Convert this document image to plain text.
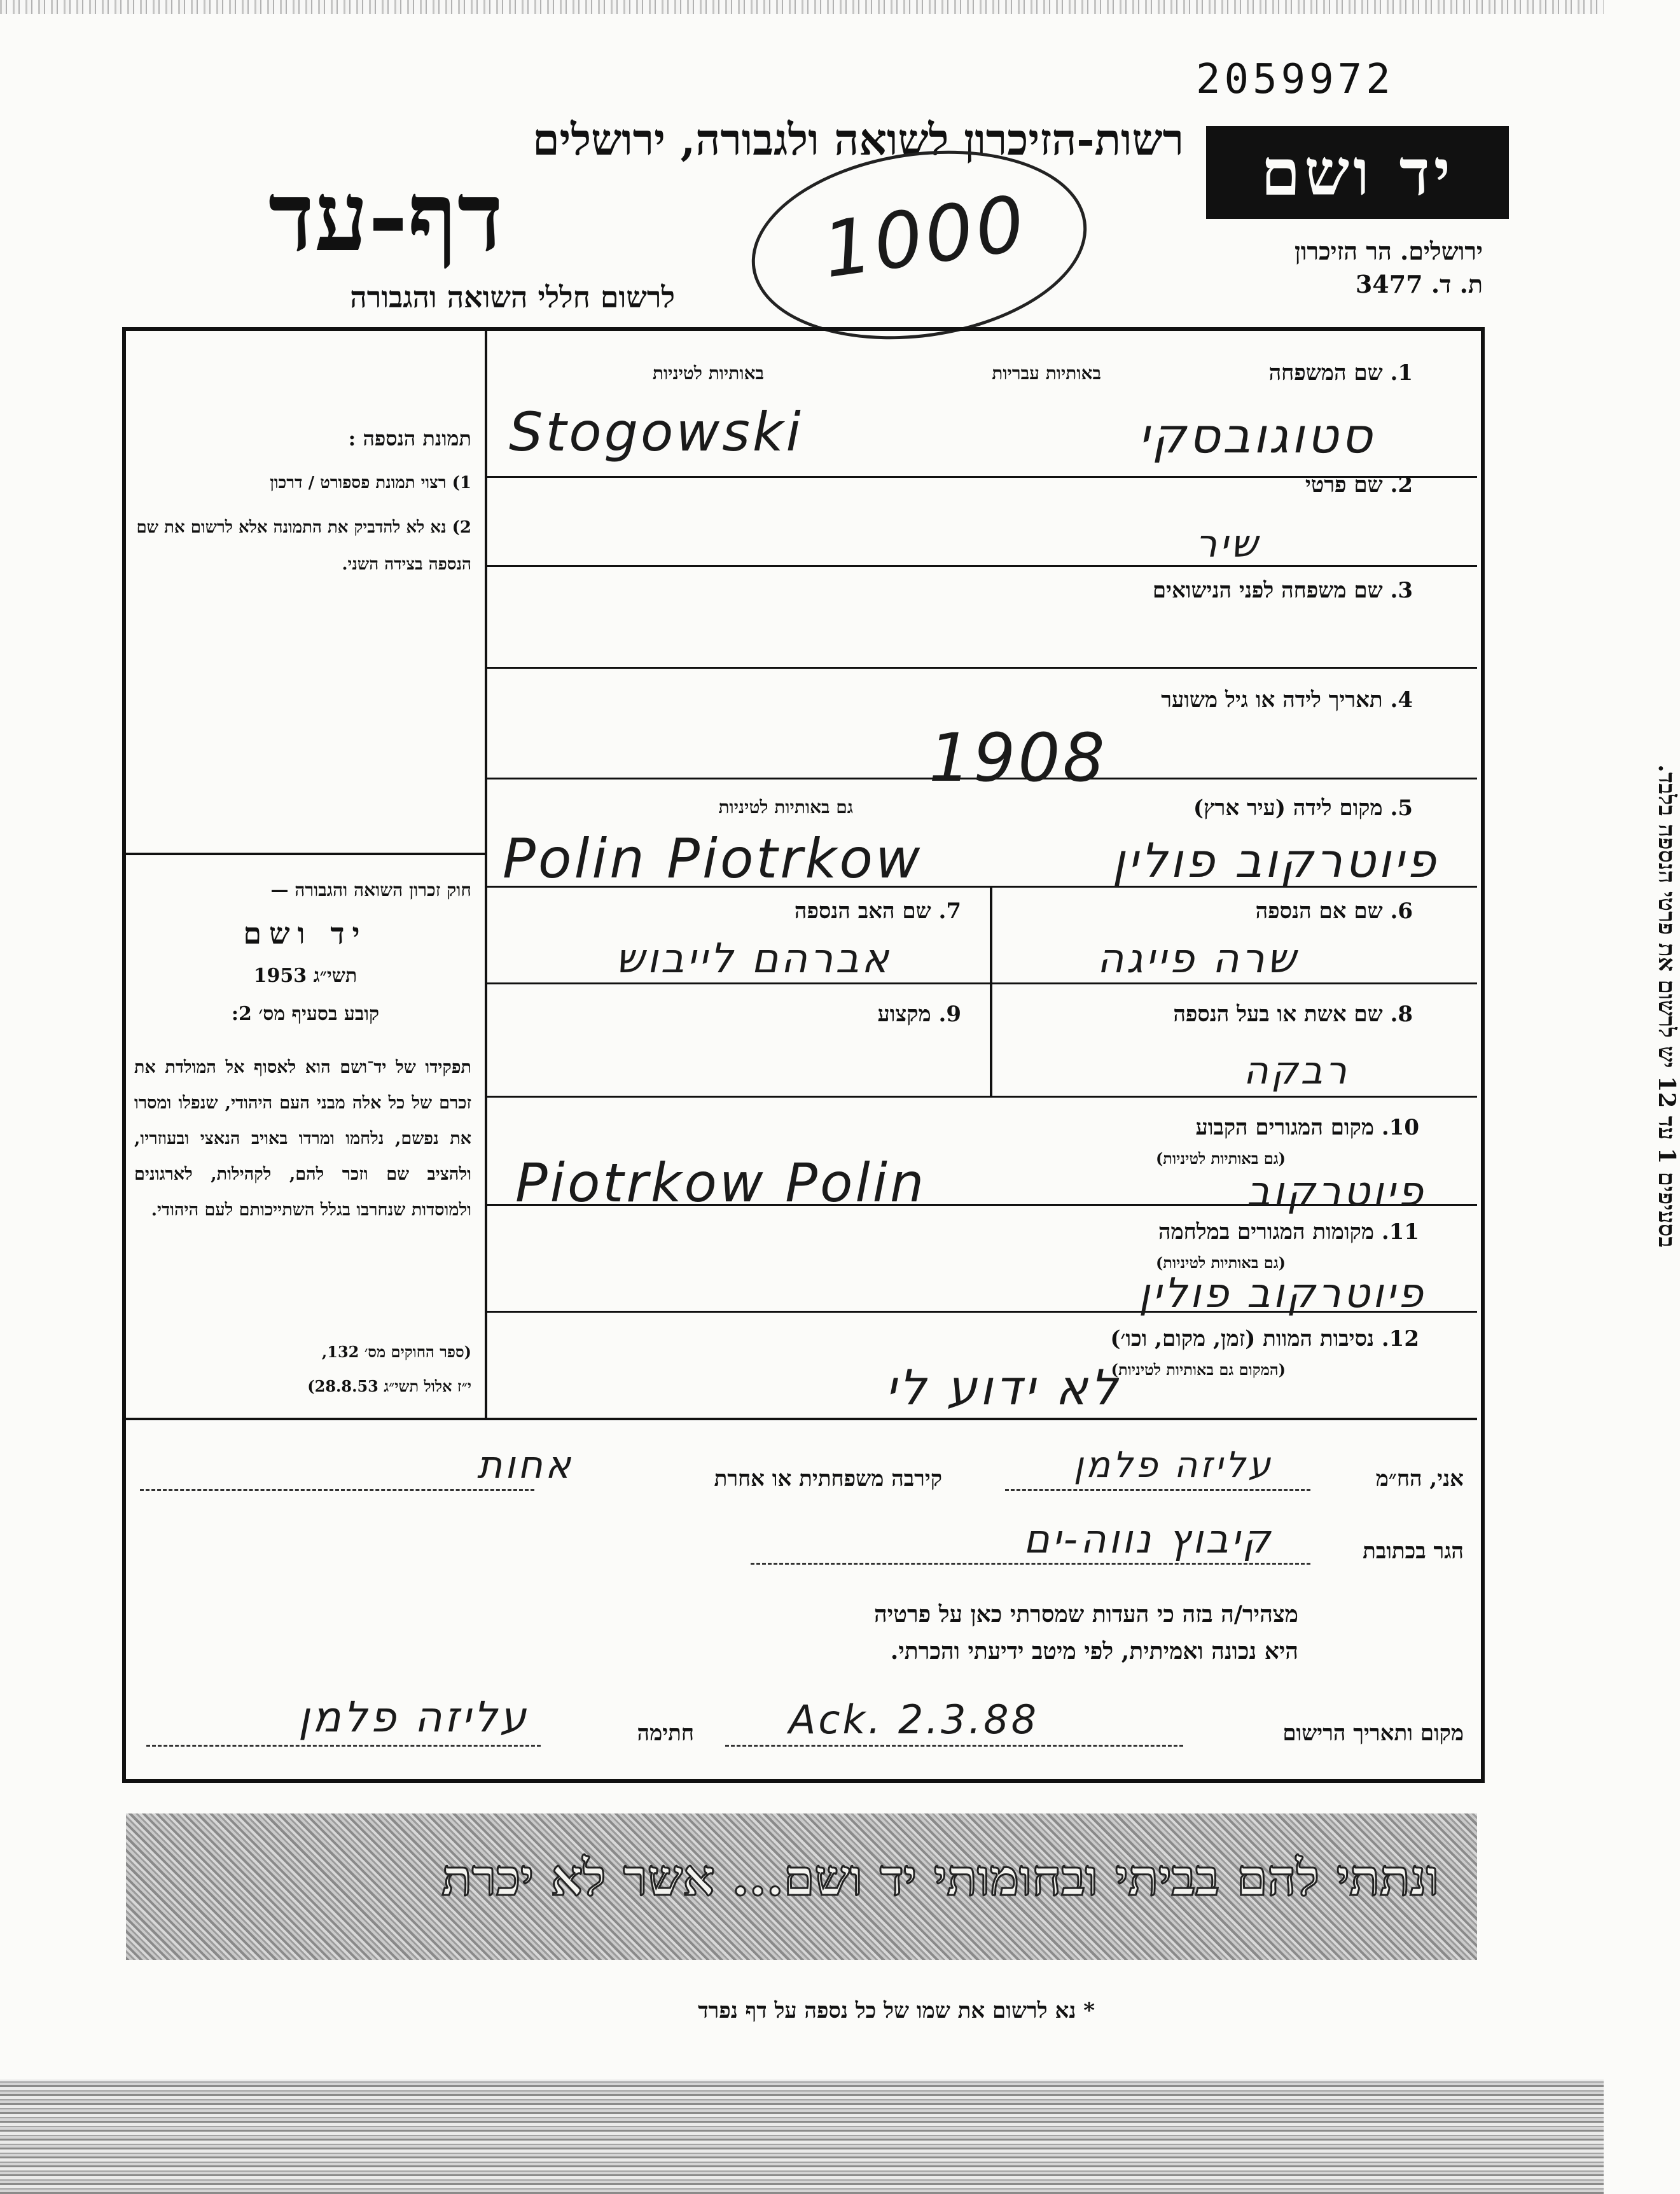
2059972
רשות-הזיכרון לשואה ולגבורה, ירושלים
דף-עד
לרשום חללי השואה והגבורה
1000
יד ושם
ירושלים. הר הזיכרון
ת. ד. 3477
תמונת הנספה :
1) רצוי תמונת פספורט / דרכון
2) נא לא להדביק את התמונה אלא לרשום את שם הנספה בצידה השני.
חוק זכרון השואה והגבורה —
יד ושם
תשי״ג 1953
קובע בסעיף מס׳ 2:
תפקידו של יד־ושם הוא לאסוף אל המולדת את זכרם של כל אלה מבני העם היהודי, שנפלו ומסרו את נפשם, נלחמו ומרדו באויב הנאצי ובעוזריו, ולהציב שם וזכר להם, לקהילות, לארגונים ולמוסדות שנחרבו בגלל השתייכותם לעם היהודי.
(ספר החוקים מס׳ 132,
י״ז אלול תשי״ג 28.8.53)
בסעיפים 1 עד 12 יש לרשום את פרטי הנספה בלבד.
1. שם המשפחה
באותיות עבריות
באותיות לטיניות
Stogowski	סטוגובסקי
2. שם פרטי
שיר
3. שם משפחה לפני הנישואים
4. תאריך לידה או גיל משוער
1908
5. מקום לידה (עיר ארץ)
גם באותיות לטיניות
Polin Piotrkow	פיוטרקוב פולין
6. שם אם הנספה
שרה פייגה
7. שם האב הנספה
אברהם לייבוש
8. שם אשת או בעל הנספה
רבקה
9. מקצוע
10. מקום המגורים הקבוע
(גם באותיות לטיניות)
Piotrkow Polin	פיוטרקוב
11. מקומות המגורים במלחמה
(גם באותיות לטיניות)
פיוטרקוב פולין
12. נסיבות המוות (זמן, מקום, וכו׳)
(המקום גם באותיות לטיניות)
לא ידוע לי
אני, הח״מ
עליזה פלמן
קירבה משפחתית או אחרת
אחות
הגר בכתובת
קיבוץ נווה-ים
מצהיר/ה בזה כי העדות שמסרתי כאן על פרטיה
היא נכונה ואמיתית, לפי מיטב ידיעתי והכרתי.
מקום ותאריך הרישום
Ack. 2.3.88
חתימה
עליזה פלמן
ונתתי להם בביתי ובחומותי יד ושם... אשר לא יכרת
* נא לרשום את שמו של כל נספה על דף נפרד
